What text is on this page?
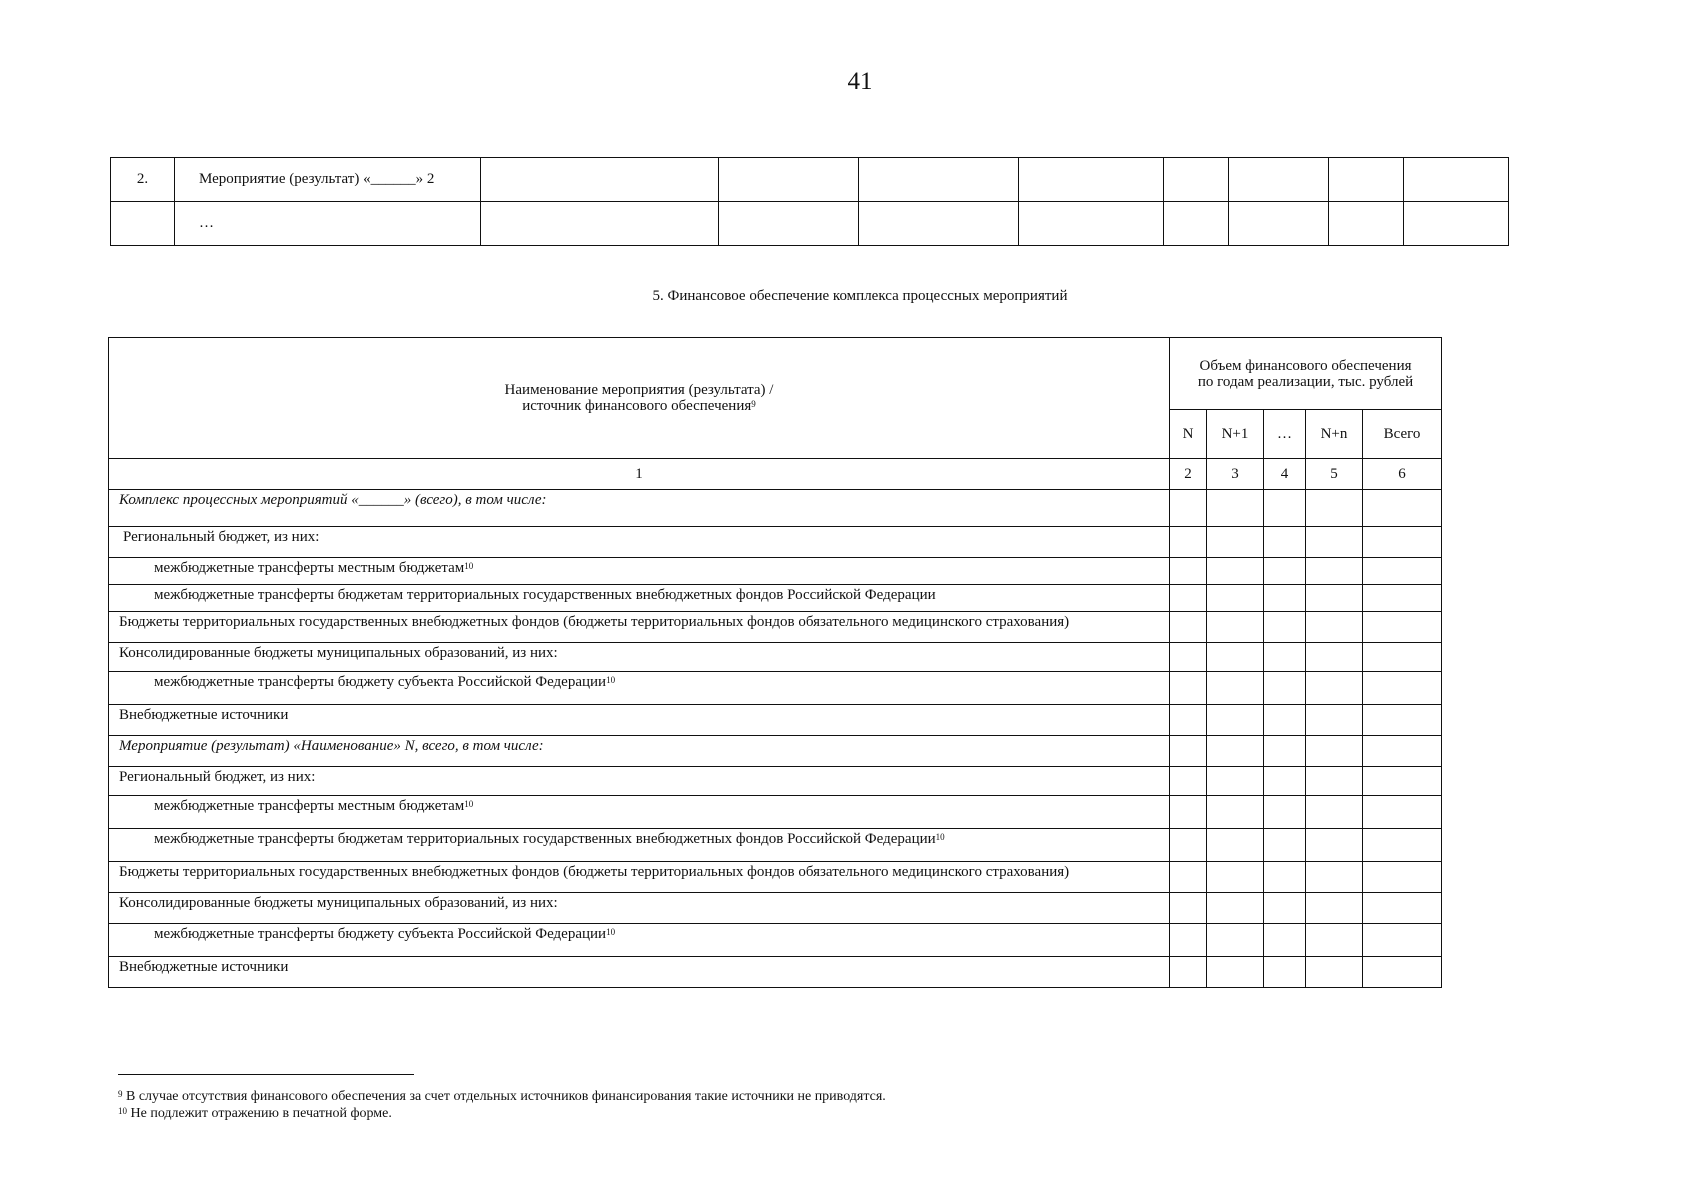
41
2.	Мероприятие (результат) «______» 2								
	…								
5. Финансовое обеспечение комплекса процессных мероприятий
Наименование мероприятия (результата) /
источник финансового обеспечения$^9$	Объем финансового обеспечения
по годам реализации, тыс. рублей				
	N	N+1	…	N+n	Всего
1	2	3	4	5	6
Комплекс процессных мероприятий «______» (всего), в том числе:					
Региональный бюджет, из них:					
межбюджетные трансферты местным бюджетам$^{10}$					
межбюджетные трансферты бюджетам территориальных государственных внебюджетных фондов Российской Федерации					
Бюджеты территориальных государственных внебюджетных фондов (бюджеты территориальных фондов обязательного медицинского страхования)					
Консолидированные бюджеты муниципальных образований, из них:					
межбюджетные трансферты бюджету субъекта Российской Федерации$^{10}$					
Внебюджетные источники					
Мероприятие (результат) «Наименование» N, всего, в том числе:					
Региональный бюджет, из них:					
межбюджетные трансферты местным бюджетам$^{10}$					
межбюджетные трансферты бюджетам территориальных государственных внебюджетных фондов Российской Федерации$^{10}$					
Бюджеты территориальных государственных внебюджетных фондов (бюджеты территориальных фондов обязательного медицинского страхования)					
Консолидированные бюджеты муниципальных образований, из них:					
межбюджетные трансферты бюджету субъекта Российской Федерации$^{10}$					
Внебюджетные источники					
$^9$ В случае отсутствия финансового обеспечения за счет отдельных источников финансирования такие источники не приводятся.
$^{10}$ Не подлежит отражению в печатной форме.
